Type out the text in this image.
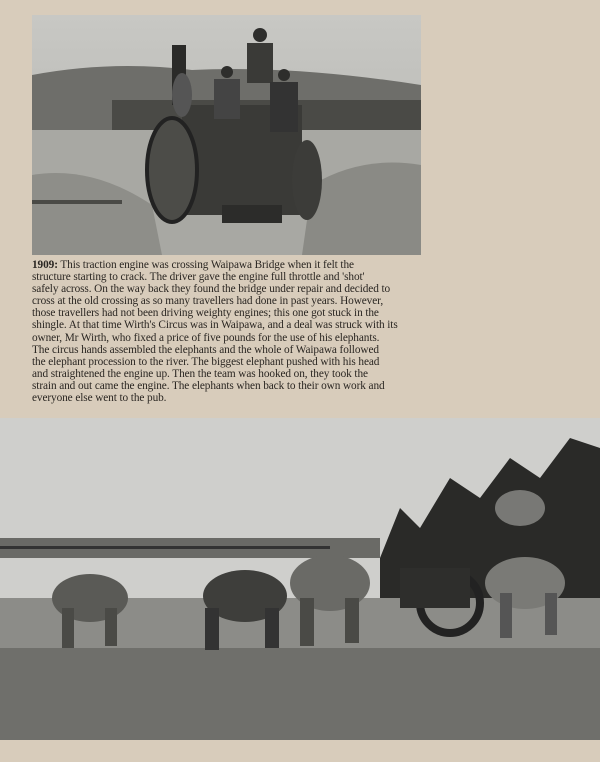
1909: This traction engine was crossing Waipawa Bridge when it felt the
structure starting to crack. The driver gave the engine full throttle and 'shot'
safely across. On the way back they found the bridge under repair and decided to
cross at the old crossing as so many travellers had done in past years. However,
those travellers had not been driving weighty engines; this one got stuck in the
shingle. At that time Wirth's Circus was in Waipawa, and a deal was struck with its
owner, Mr Wirth, who fixed a price of five pounds for the use of his elephants.
The circus hands assembled the elephants and the whole of Waipawa followed
the elephant procession to the river. The biggest elephant pushed with his head
and straightened the engine up. Then the team was hooked on, they took the
strain and out came the engine. The elephants when back to their own work and
everyone else went to the pub.
